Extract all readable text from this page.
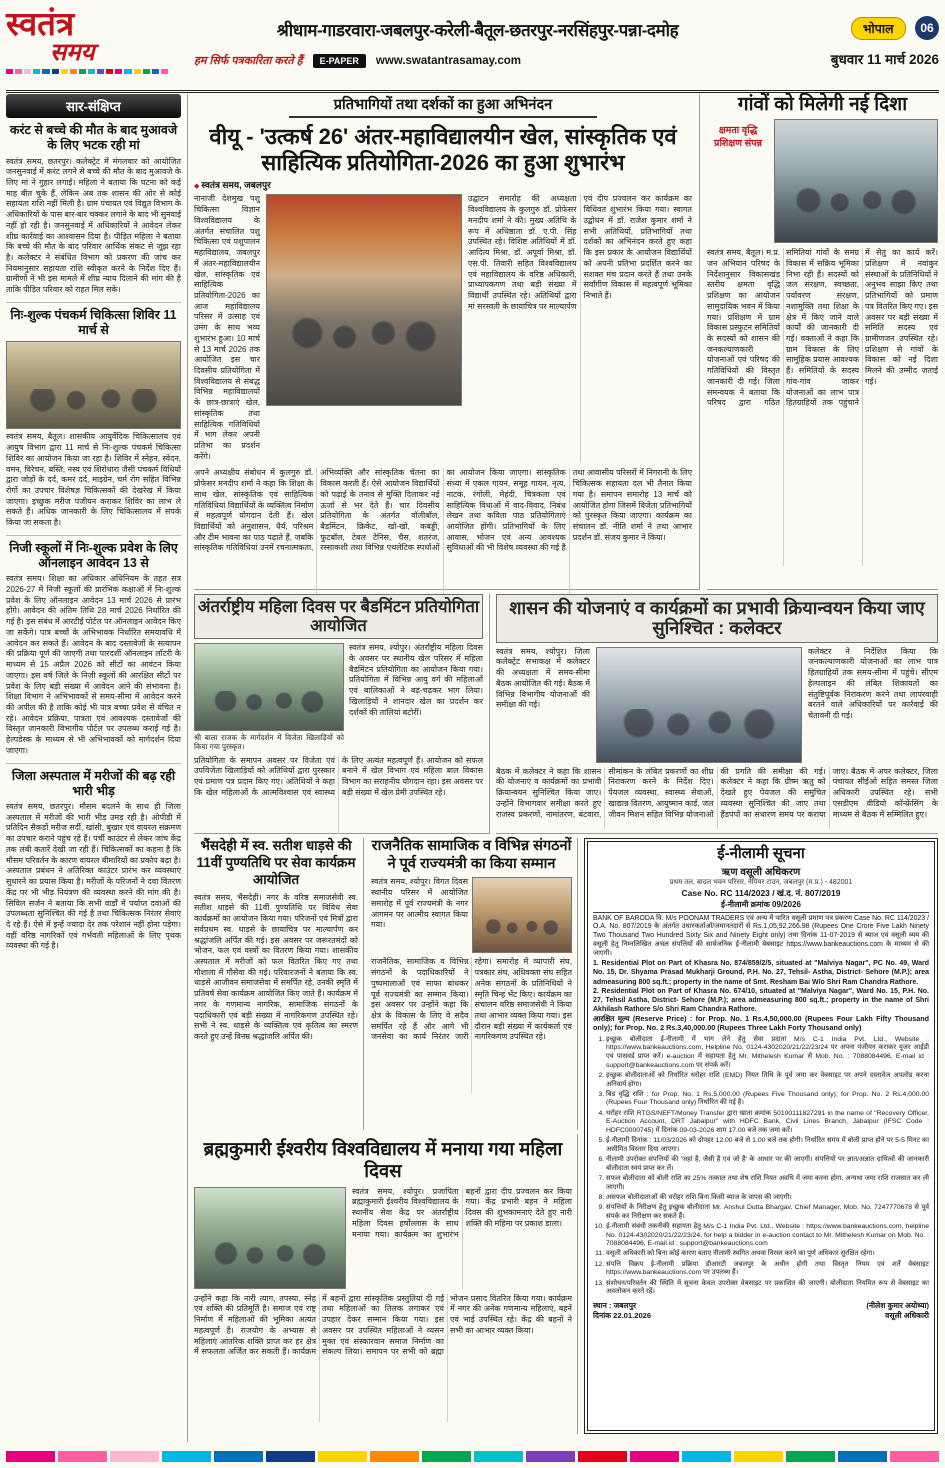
स्वतंत्र
समय
श्रीधाम-गाडरवारा-जबलपुर-करेली-बैतूल-छतरपुर-नरसिंहपुर-पन्ना-दमोह
हम सिर्फ पत्रकारिता करते हैं	E-PAPER	www.swatantrasamay.com
भोपाल 06
बुधवार 11 मार्च 2026
सार-संक्षिप्त
करंट से बच्चे की मौत के बाद मुआवजे के लिए भटक रही मां

स्वतंत्र समय, छतरपुर। कलेक्ट्रेट में मंगलवार को आयोजित जनसुनवाई में करंट लगने से बच्चे की मौत के बाद मुआवजे के लिए मां ने गुहार लगाई। महिला ने बताया कि घटना को कई माह बीत चुके हैं, लेकिन अब तक शासन की ओर से कोई सहायता राशि नहीं मिली है। ग्राम पंचायत एवं विद्युत विभाग के अधिकारियों के पास बार-बार चक्कर लगाने के बाद भी सुनवाई नहीं हो रही है। जनसुनवाई में अधिकारियों ने आवेदन लेकर शीघ्र कार्रवाई का आश्वासन दिया है। पीड़ित महिला ने बताया कि बच्चे की मौत के बाद परिवार आर्थिक संकट से जूझ रहा है। कलेक्टर ने संबंधित विभाग को प्रकरण की जांच कर नियमानुसार सहायता राशि स्वीकृत करने के निर्देश दिए हैं। ग्रामीणों ने भी इस मामले में शीघ्र न्याय दिलाने की मांग की है ताकि पीड़ित परिवार को राहत मिल सके।

निः-शुल्क पंचकर्म चिकित्सा शिविर 11 मार्च से

स्वतंत्र समय, बैतूल। शासकीय आयुर्वेदिक चिकित्सालय एवं आयुष विभाग द्वारा 11 मार्च से निः-शुल्क पंचकर्म चिकित्सा शिविर का आयोजन किया जा रहा है। शिविर में स्नेहन, स्वेदन, वमन, विरेचन, बस्ति, नस्य एवं शिरोधारा जैसी पंचकर्म विधियों द्वारा जोड़ों के दर्द, कमर दर्द, माइग्रेन, चर्म रोग सहित विभिन्न रोगों का उपचार विशेषज्ञ चिकित्सकों की देखरेख में किया जाएगा। इच्छुक मरीज पंजीयन कराकर शिविर का लाभ ले सकते हैं। अधिक जानकारी के लिए चिकित्सालय में संपर्क किया जा सकता है।

निजी स्कूलों में निः-शुल्क प्रवेश के लिए ऑनलाइन आवेदन 13 से

स्वतंत्र समय। शिक्षा का अधिकार अधिनियम के तहत सत्र 2026-27 में निजी स्कूलों की प्रारंभिक कक्षाओं में निः-शुल्क प्रवेश के लिए ऑनलाइन आवेदन 13 मार्च 2026 से प्रारंभ होंगे। आवेदन की अंतिम तिथि 28 मार्च 2026 निर्धारित की गई है। इस संबंध में आरटीई पोर्टल पर ऑनलाइन आवेदन किए जा सकेंगे। पात्र बच्चों के अभिभावक निर्धारित समयावधि में आवेदन कर सकते हैं। आवेदन के बाद दस्तावेजों के सत्यापन की प्रक्रिया पूर्ण की जाएगी तथा पारदर्शी ऑनलाइन लॉटरी के माध्यम से 15 अप्रैल 2026 को सीटों का आवंटन किया जाएगा। इस वर्ष जिले के निजी स्कूलों की आरक्षित सीटों पर प्रवेश के लिए बड़ी संख्या में आवेदन आने की संभावना है। शिक्षा विभाग ने अभिभावकों से समय-सीमा में आवेदन करने की अपील की है ताकि कोई भी पात्र बच्चा प्रवेश से वंचित न रहे। आवेदन प्रक्रिया, पात्रता एवं आवश्यक दस्तावेजों की विस्तृत जानकारी विभागीय पोर्टल पर उपलब्ध कराई गई है। हेल्पडेस्क के माध्यम से भी अभिभावकों को मार्गदर्शन दिया जाएगा।

जिला अस्पताल में मरीजों की बढ़ रही भारी भीड़

स्वतंत्र समय, छतरपुर। मौसम बदलने के साथ ही जिला अस्पताल में मरीजों की भारी भीड़ उमड़ रही है। ओपीडी में प्रतिदिन सैकड़ों मरीज सर्दी, खांसी, बुखार एवं वायरल संक्रमण का उपचार कराने पहुंच रहे हैं। पर्ची काउंटर से लेकर जांच केंद्र तक लंबी कतारें देखी जा रही हैं। चिकित्सकों का कहना है कि मौसम परिवर्तन के कारण वायरल बीमारियों का प्रकोप बढ़ा है। अस्पताल प्रबंधन ने अतिरिक्त काउंटर प्रारंभ कर व्यवस्थाएं सुधारने का प्रयास किया है। मरीजों के परिजनों ने दवा वितरण केंद्र पर भी भीड़ नियंत्रण की व्यवस्था करने की मांग की है। सिविल सर्जन ने बताया कि सभी वार्डों में पर्याप्त दवाओं की उपलब्धता सुनिश्चित की गई है तथा चिकित्सक निरंतर सेवाएं दे रहे हैं। ऐसे में इन्हें ज्यादा देर तक परेशान नहीं होना पड़ेगा। वहीं वरिष्ठ नागरिकों एवं गर्भवती महिलाओं के लिए पृथक व्यवस्था की गई है।

प्रतिभागियों तथा दर्शकों का हुआ अभिनंदन
वीयू - 'उत्कर्ष 26' अंतर-महाविद्यालयीन खेल, सांस्कृतिक एवं साहित्यिक प्रतियोगिता-2026 का हुआ शुभारंभ
◆ स्वतंत्र समय, जबलपुर
नानाजी देशमुख पशु चिकित्सा विज्ञान विश्वविद्यालय के अंतर्गत संचालित पशु चिकित्सा एवं पशुपालन महाविद्यालय, जबलपुर में अंतर-महाविद्यालयीन खेल, सांस्कृतिक एवं साहित्यिक प्रतियोगिता-2026 का आज महाविद्यालय परिसर में उत्साह एवं उमंग के साथ भव्य शुभारंभ हुआ। 10 मार्च से 13 मार्च 2026 तक आयोजित इस चार दिवसीय प्रतियोगिता में विश्वविद्यालय से संबद्ध विभिन्न महाविद्यालयों के छात्र-छात्राएं खेल, सांस्कृतिक तथा साहित्यिक गतिविधियों में भाग लेकर अपनी प्रतिभा का प्रदर्शन करेंगे।
उद्घाटन समारोह की अध्यक्षता विश्वविद्यालय के कुलगुरु डॉ. प्रोफेसर मनदीप शर्मा ने की। मुख्य अतिथि के रूप में अधिष्ठाता डॉ. ए.पी. सिंह उपस्थित रहे। विशिष्ट अतिथियों में डॉ. आदित्य मिश्रा, डॉ. अपूर्वा मिश्रा, डॉ. एस.पी. तिवारी सहित विश्वविद्यालय एवं महाविद्यालय के वरिष्ठ अधिकारी, प्राध्यापकगण तथा बड़ी संख्या में विद्यार्थी उपस्थित रहे। अतिथियों द्वारा मां सरस्वती के छायाचित्र पर माल्यार्पण एवं दीप प्रज्वलन कर कार्यक्रम का विधिवत शुभारंभ किया गया। स्वागत उद्बोधन में डॉ. राजेश कुमार शर्मा ने सभी अतिथियों, प्रतिभागियों तथा दर्शकों का अभिनंदन करते हुए कहा कि इस प्रकार के आयोजन विद्यार्थियों को अपनी प्रतिभा प्रदर्शित करने का सशक्त मंच प्रदान करते हैं तथा उनके सर्वांगीण विकास में महत्वपूर्ण भूमिका निभाते हैं।
अपने अध्यक्षीय संबोधन में कुलगुरु डॉ. प्रोफेसर मनदीप शर्मा ने कहा कि शिक्षा के साथ खेल, सांस्कृतिक एवं साहित्यिक गतिविधियां विद्यार्थियों के व्यक्तित्व निर्माण में महत्वपूर्ण योगदान देती हैं। खेल विद्यार्थियों को अनुशासन, धैर्य, परिश्रम और टीम भावना का पाठ पढ़ाते हैं, जबकि सांस्कृतिक गतिविधियां उनमें रचनात्मकता, अभिव्यक्ति और सांस्कृतिक चेतना का विकास करती हैं। ऐसे आयोजन विद्यार्थियों को पढ़ाई के तनाव से मुक्ति दिलाकर नई ऊर्जा से भर देते हैं। चार दिवसीय प्रतियोगिता के अंतर्गत वॉलीबॉल, बैडमिंटन, क्रिकेट, खो-खो, कबड्डी, फुटबॉल, टेबल टेनिस, चैस, शतरंज, रस्साकशी तथा विभिन्न एथलेटिक स्पर्धाओं का आयोजन किया जाएगा। सांस्कृतिक संध्या में एकल गायन, समूह गायन, नृत्य, नाटक, रंगोली, मेहंदी, चित्रकला एवं साहित्यिक विधाओं में वाद-विवाद, निबंध लेखन तथा कविता पाठ प्रतियोगिताएं आयोजित होंगी। प्रतिभागियों के लिए आवास, भोजन एवं अन्य आवश्यक सुविधाओं की भी विशेष व्यवस्था की गई है तथा आवासीय परिसरों में निगरानी के लिए चिकित्सक सहायता दल भी तैनात किया गया है। समापन समारोह 13 मार्च को आयोजित होगा जिसमें विजेता प्रतिभागियों को पुरस्कृत किया जाएगा। कार्यक्रम का संचालन डॉ. नीति शर्मा ने तथा आभार प्रदर्शन डॉ. संजय कुमार ने किया।
गांवों को मिलेगी नई दिशा
क्षमता वृद्धि प्रशिक्षण संपन्न
स्वतंत्र समय, बैतूल। म.प्र. जन अभियान परिषद के निर्देशानुसार विकासखंड स्तरीय क्षमता वृद्धि प्रशिक्षण का आयोजन सामुदायिक भवन में किया गया। प्रशिक्षण में ग्राम विकास प्रस्फुटन समितियों के सदस्यों को शासन की जनकल्याणकारी योजनाओं एवं परिषद की गतिविधियों की विस्तृत जानकारी दी गई। जिला समन्वयक ने बताया कि परिषद द्वारा गठित समितियां गांवों के समग्र विकास में सक्रिय भूमिका निभा रही हैं। सदस्यों को जल संरक्षण, स्वच्छता, पर्यावरण संरक्षण, नशामुक्ति तथा शिक्षा के क्षेत्र में किए जाने वाले कार्यों की जानकारी दी गई। वक्ताओं ने कहा कि ग्राम विकास के लिए सामूहिक प्रयास आवश्यक हैं। समितियों के सदस्य गांव-गांव जाकर योजनाओं का लाभ पात्र हितग्राहियों तक पहुंचाने में सेतु का कार्य करें। प्रशिक्षण में नवांकुर संस्थाओं के प्रतिनिधियों ने अनुभव साझा किए तथा प्रतिभागियों को प्रमाण पत्र वितरित किए गए। इस अवसर पर बड़ी संख्या में समिति सदस्य एवं ग्रामीणजन उपस्थित रहे। प्रशिक्षण से गांवों के विकास को नई दिशा मिलने की उम्मीद जताई गई।
अंतर्राष्ट्रीय महिला दिवस पर बैडमिंटन प्रतियोगिता आयोजित
श्री बाला राजक के मार्गदर्शन में विजेता खिलाड़ियों को किया गया पुरस्कृत।
स्वतंत्र समय, श्योपुर। अंतर्राष्ट्रीय महिला दिवस के अवसर पर स्थानीय खेल परिसर में महिला बैडमिंटन प्रतियोगिता का आयोजन किया गया। प्रतियोगिता में विभिन्न आयु वर्ग की महिलाओं एवं बालिकाओं ने बढ़-चढ़कर भाग लिया। खिलाड़ियों ने शानदार खेल का प्रदर्शन कर दर्शकों की तालियां बटोरीं।
प्रतियोगिता के समापन अवसर पर विजेता एवं उपविजेता खिलाड़ियों को अतिथियों द्वारा पुरस्कार एवं प्रमाण पत्र प्रदान किए गए। अतिथियों ने कहा कि खेल महिलाओं के आत्मविश्वास एवं स्वास्थ्य के लिए अत्यंत महत्वपूर्ण हैं। आयोजन को सफल बनाने में खेल विभाग एवं महिला बाल विकास विभाग का सराहनीय योगदान रहा। इस अवसर पर बड़ी संख्या में खेल प्रेमी उपस्थित रहे।
शासन की योजनाएं व कार्यक्रमों का प्रभावी क्रियान्वयन किया जाए सुनिश्चित : कलेक्टर
स्वतंत्र समय, श्योपुर। जिला कलेक्ट्रेट सभाकक्ष में कलेक्टर की अध्यक्षता में समय-सीमा बैठक आयोजित की गई। बैठक में विभिन्न विभागीय योजनाओं की समीक्षा की गई।
कलेक्टर ने निर्देशित किया कि जनकल्याणकारी योजनाओं का लाभ पात्र हितग्राहियों तक समय-सीमा में पहुंचे। सीएम हेल्पलाइन की लंबित शिकायतों का संतुष्टिपूर्वक निराकरण करने तथा लापरवाही बरतने वाले अधिकारियों पर कार्रवाई की चेतावनी दी गई।
बैठक में कलेक्टर ने कहा कि शासन की योजनाएं व कार्यक्रमों का प्रभावी क्रियान्वयन सुनिश्चित किया जाए। उन्होंने विभागवार समीक्षा करते हुए राजस्व प्रकरणों, नामांतरण, बंटवारा, सीमांकन के लंबित प्रकरणों का शीघ्र निराकरण करने के निर्देश दिए। पेयजल व्यवस्था, स्वास्थ्य सेवाओं, खाद्यान्न वितरण, आयुष्मान कार्ड, जल जीवन मिशन सहित विभिन्न योजनाओं की प्रगति की समीक्षा की गई। कलेक्टर ने कहा कि ग्रीष्म ऋतु को देखते हुए पेयजल की समुचित व्यवस्था सुनिश्चित की जाए तथा हैंडपंपों का संधारण समय पर कराया जाए। बैठक में अपर कलेक्टर, जिला पंचायत सीईओ सहित समस्त जिला अधिकारी उपस्थित रहे। सभी एसडीएम वीडियो कॉन्फ्रेंसिंग के माध्यम से बैठक में सम्मिलित हुए।
भैंसदेही में स्व. सतीश धाड़से की 11वीं पुण्यतिथि पर सेवा कार्यक्रम आयोजित
स्वतंत्र समय, भैंसदेही। नगर के वरिष्ठ समाजसेवी स्व. सतीश धाड़से की 11वीं पुण्यतिथि पर विविध सेवा कार्यक्रमों का आयोजन किया गया। परिजनों एवं मित्रों द्वारा सर्वप्रथम स्व. धाड़से के छायाचित्र पर माल्यार्पण कर श्रद्धांजलि अर्पित की गई। इस अवसर पर जरूरतमंदों को भोजन, फल एवं वस्त्रों का वितरण किया गया। शासकीय अस्पताल में मरीजों को फल वितरित किए गए तथा गौशाला में गौसेवा की गई। परिवारजनों ने बताया कि स्व. धाड़से आजीवन समाजसेवा में समर्पित रहे, उनकी स्मृति में प्रतिवर्ष सेवा कार्यक्रम आयोजित किए जाते हैं। कार्यक्रम में नगर के गणमान्य नागरिक, सामाजिक संगठनों के पदाधिकारी एवं बड़ी संख्या में नागरिकगण उपस्थित रहे। सभी ने स्व. धाड़से के व्यक्तित्व एवं कृतित्व का स्मरण करते हुए उन्हें विनम्र श्रद्धांजलि अर्पित की।
राजनैतिक सामाजिक व विभिन्न संगठनों ने पूर्व राज्यमंत्री का किया सम्मान
स्वतंत्र समय, श्योपुर। विगत दिवस स्थानीय परिसर में आयोजित समारोह में पूर्व राज्यमंत्री के नगर आगमन पर आत्मीय स्वागत किया गया।
राजनैतिक, सामाजिक व विभिन्न संगठनों के पदाधिकारियों ने पुष्पमालाओं एवं साफा बांधकर पूर्व राज्यमंत्री का सम्मान किया। इस अवसर पर उन्होंने कहा कि क्षेत्र के विकास के लिए वे सदैव समर्पित रहे हैं और आगे भी जनसेवा का कार्य निरंतर जारी रहेगा। समारोह में व्यापारी संघ, पत्रकार संघ, अधिवक्ता संघ सहित अनेक संगठनों के प्रतिनिधियों ने स्मृति चिन्ह भेंट किए। कार्यक्रम का संचालन वरिष्ठ समाजसेवी ने किया तथा आभार व्यक्त किया गया। इस दौरान बड़ी संख्या में कार्यकर्ता एवं नागरिकगण उपस्थित रहे।
ई-नीलामी सूचना
ऋण वसूली अधिकरण
प्रथम तल, बादल भवन परिसर, नेपियर टाउन, जबलपुर (म.प्र.) - 482001
Case No. RC 114/2023 / खं.द. नं. 807/2019
ई-नीलामी क्रमांक 09/2026

BANK OF BARODA वि. M/s POONAM TRADERS एवं अन्य में पारित वसूली प्रमाण पत्र प्रकरण Case No. RC 114/2023 / O.A. No. 807/2019 के अंतर्गत उधारकर्ताओं/जमानतदारों से Rs.1,05,92,266.98 (Rupees One Crore Five Lakh Ninety Two Thousand Two Hundred Sixty Six and Ninety Eight only) तथा दिनांक 11-07-2019 से ब्याज एवं वसूली व्यय की वसूली हेतु निम्नलिखित अचल संपत्तियों की सार्वजनिक ई-नीलामी वेबसाइट https://www.bankeauctions.com के माध्यम से की जाएगी।

1. Residential Plot on Part of Khasra No. 874/859/2/5, situated at "Malviya Nagar", PC No. 49, Ward No. 15, Dr. Shyama Prasad Mukharji Ground, P.H. No. 27, Tehsil- Astha, District- Sehore (M.P.); area admeasuring 800 sq.ft.; property in the name of Smt. Resham Bai W/o Shri Ram Chandra Rathore.

2. Residential Plot on Part of Khasra No. 674/10, situated at "Malviya Nagar", Ward No. 15, P.H. No. 27, Tehsil Astha, District- Sehore (M.P.); area admeasuring 800 sq.ft.; property in the name of Shri Akhilash Rathore S/o Shri Ram Chandra Rathore.

आरक्षित मूल्य (Reserve Price) : for Prop. No. 1 Rs.4,50,000.00 (Rupees Four Lakh Fifty Thousand only); for Prop. No. 2 Rs.3,40,000.00 (Rupees Three Lakh Forty Thousand only)

1. इच्छुक बोलीदाता ई-नीलामी में भाग लेने हेतु सेवा प्रदाता M/s C-1 India Pvt. Ltd., Website : https://www.bankeauctions.com, Helpline No. 0124-4302020/21/22/23/24 पर अपना पंजीयन कराकर यूजर आईडी एवं पासवर्ड प्राप्त करें। e-auction में सहायता हेतु Mr. Mithelesh Kumar से Mob. No. : 7088084496, E-mail id : support@bankeauctions.com पर संपर्क करें।
2. इच्छुक बोलीदाताओं को निर्धारित धरोहर राशि (EMD) नियत तिथि के पूर्व जमा कर वेबसाइट पर अपने दस्तावेज अपलोड करना अनिवार्य होगा।
3. बिड वृद्धि राशि : for Prop. No. 1 Rs.5,000.00 (Rupees Five Thousand only); for Prop. No. 2 Rs.4,000.00 (Rupees Four Thousand only) निर्धारित की गई है।
4. धरोहर राशि RTGS/NEFT/Money Transfer द्वारा खाता क्रमांक 50100111827291 in the name of "Recovery Officer, E-Auction Account, DRT Jabalpur" with HDFC Bank, Civil Lines Branch, Jabalpur (IFSC Code : HDFC0000745) में दिनांक 09-03-2026 शाम 17.00 बजे तक जमा करें।
5. ई-नीलामी दिनांक : 11/03/2026 को दोपहर 12.00 बजे से 1.00 बजे तक होगी। निर्धारित समय में बोली प्राप्त होने पर 5-5 मिनट का असीमित विस्तार दिया जाएगा।
6. नीलामी उपरोक्त संपत्तियों की 'जहां है, जैसी है एवं जो है' के आधार पर की जाएगी। संपत्तियों पर ज्ञात/अज्ञात दायित्वों की जानकारी बोलीदाता स्वयं प्राप्त कर लें।
7. सफल बोलीदाता को बोली राशि का 25% तत्काल तथा शेष राशि नियत अवधि में जमा करना होगा, अन्यथा जमा राशि राजसात कर ली जाएगी।
8. असफल बोलीदाताओं की धरोहर राशि बिना किसी ब्याज के वापस की जाएगी।
9. संपत्तियों के निरीक्षण हेतु इच्छुक बोलीदाता Mr. Anshul Dutta Bhargav, Chief Manager, Mob. No. 7247770678 से पूर्व संपर्क कर निरीक्षण कर सकते हैं।
10. ई-नीलामी संबंधी तकनीकी सहायता हेतु M/s C-1 India Pvt. Ltd., Website : https://www.bankeauctions.com, helpline No. 0124-4302020/21/22/23/24, for help a bidder in e-auction contact to Mr. Mithelesh Kumar on Mob. No. : 7088084496, E-mail id : support@bankeauctions.com
11. वसूली अधिकारी को बिना कोई कारण बताए नीलामी स्थगित अथवा निरस्त करने का पूर्ण अधिकार सुरक्षित रहेगा।
12. संपत्ति विक्रय ई-नीलामी प्रक्रिया डीआरटी जबलपुर के अधीन होगी तथा विस्तृत नियम एवं शर्तें वेबसाइट https://www.bankeauctions.com पर उपलब्ध हैं।
13. संशोधन/परिवर्तन की स्थिति में सूचना केवल उपरोक्त वेबसाइट पर प्रकाशित की जाएगी। बोलीदाता नियमित रूप से वेबसाइट का अवलोकन करते रहें।
स्थान : जबलपुर
दिनांक 22.01.2026
(नीलेश कुमार अयोध्या)
वसूली अधिकारी
ब्रह्मकुमारी ईश्वरीय विश्वविद्यालय में मनाया गया महिला दिवस
स्वतंत्र समय, श्योपुर। प्रजापिता ब्रह्माकुमारी ईश्वरीय विश्वविद्यालय के स्थानीय सेवा केंद्र पर अंतर्राष्ट्रीय महिला दिवस हर्षोल्लास के साथ मनाया गया। कार्यक्रम का शुभारंभ बहनों द्वारा दीप प्रज्वलन कर किया गया। केंद्र प्रभारी बहन ने महिला दिवस की शुभकामनाएं देते हुए नारी शक्ति की महिमा पर प्रकाश डाला।
उन्होंने कहा कि नारी त्याग, तपस्या, स्नेह एवं शक्ति की प्रतिमूर्ति है। समाज एवं राष्ट्र निर्माण में महिलाओं की भूमिका अत्यंत महत्वपूर्ण है। राजयोग के अभ्यास से महिलाएं आंतरिक शक्ति प्राप्त कर हर क्षेत्र में सफलता अर्जित कर सकती हैं। कार्यक्रम में बहनों द्वारा सांस्कृतिक प्रस्तुतियां दी गईं तथा महिलाओं का तिलक लगाकर एवं उपहार देकर सम्मान किया गया। इस अवसर पर उपस्थित महिलाओं ने व्यसन मुक्त एवं संस्कारवान समाज निर्माण का संकल्प लिया। समापन पर सभी को ब्रह्मा भोजन प्रसाद वितरित किया गया। कार्यक्रम में नगर की अनेक गणमान्य महिलाएं, बहनें एवं भाई उपस्थित रहे। केंद्र की बहनों ने सभी का आभार व्यक्त किया।
